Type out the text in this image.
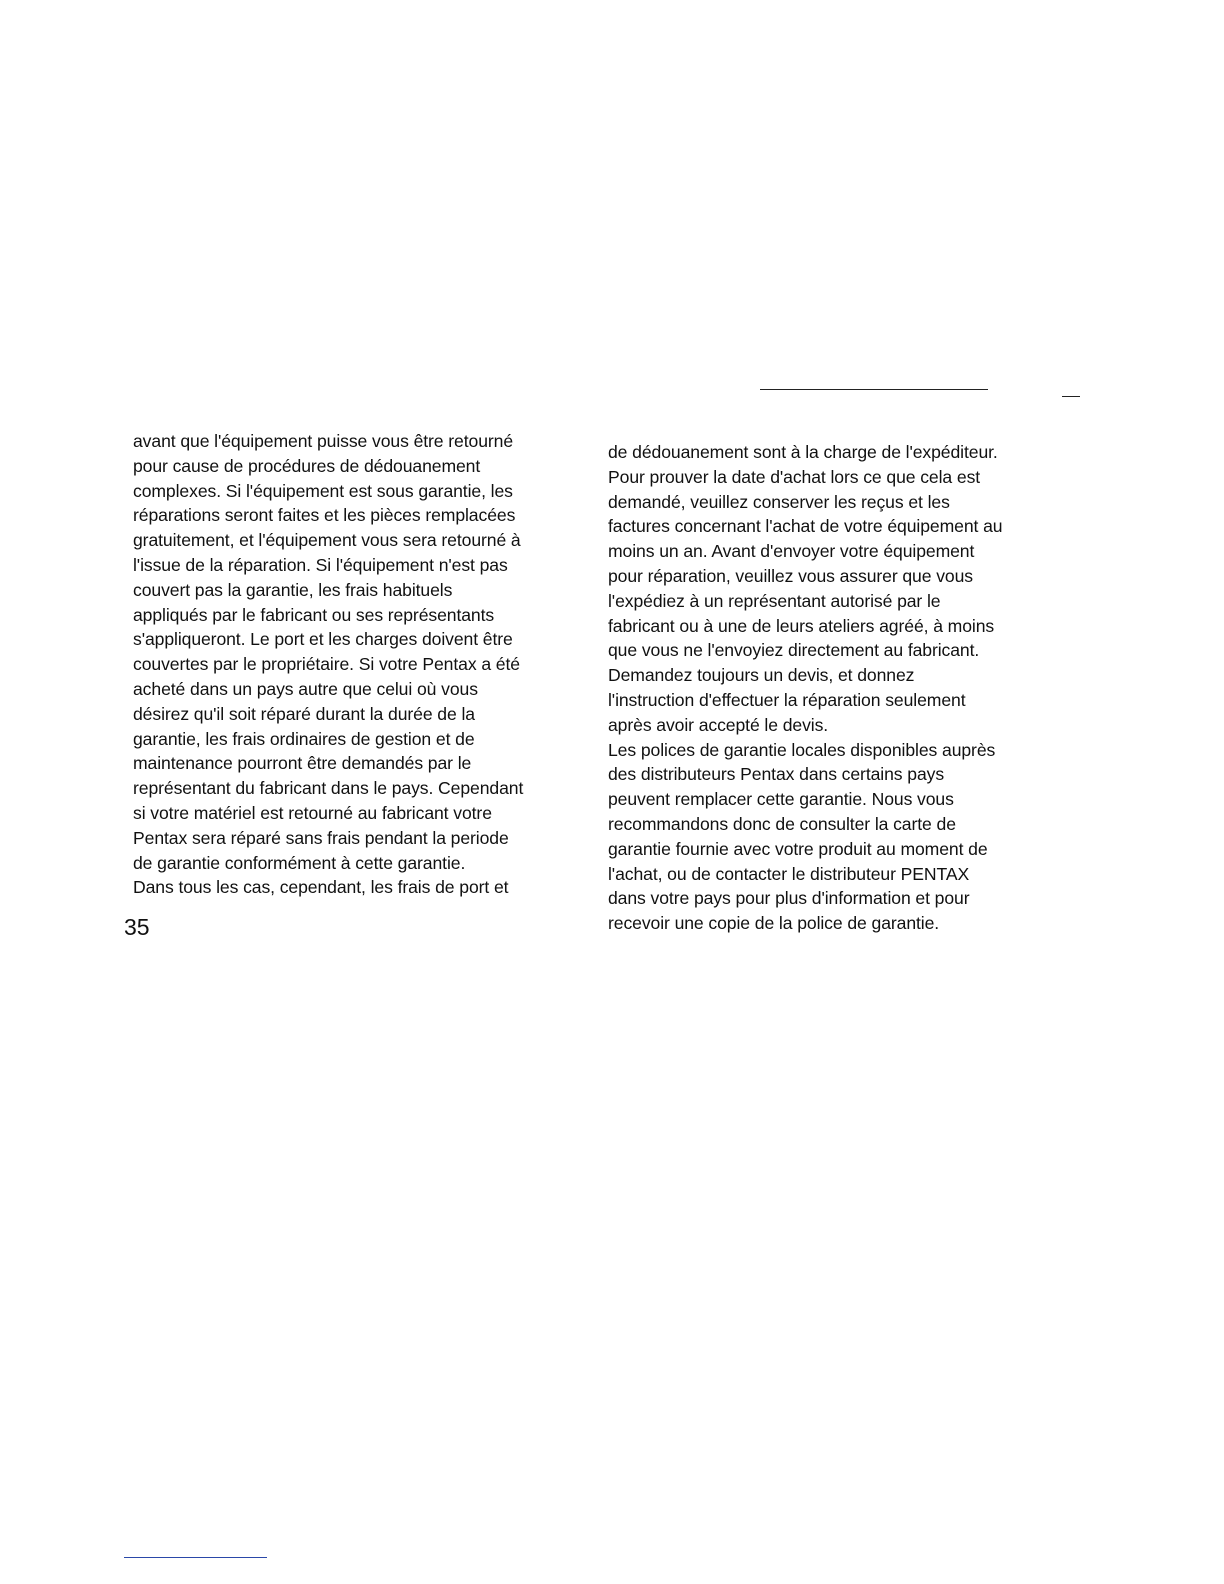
avant que l'équipement puisse vous être retourné
pour cause de procédures de dédouanement
complexes. Si l'équipement est sous garantie, les
réparations seront faites et les pièces remplacées
gratuitement, et l'équipement vous sera retourné à
l'issue de la réparation. Si l'équipement n'est pas
couvert pas la garantie, les frais habituels
appliqués par le fabricant ou ses représentants
s'appliqueront. Le port et les charges doivent être
couvertes par le propriétaire. Si votre Pentax a été
acheté dans un pays autre que celui où vous
désirez qu'il soit réparé durant la durée de la
garantie, les frais ordinaires de gestion et de
maintenance pourront être demandés par le
représentant du fabricant dans le pays. Cependant
si votre matériel est retourné au fabricant votre
Pentax sera réparé sans frais pendant la periode
de garantie conformément à cette garantie.
Dans tous les cas, cependant, les frais de port et
35
de dédouanement sont à la charge de l'expéditeur.
Pour prouver la date d'achat lors ce que cela est
demandé, veuillez conserver les reçus et les
factures concernant l'achat de votre équipement au
moins un an. Avant d'envoyer votre équipement
pour réparation, veuillez vous assurer que vous
l'expédiez à un représentant autorisé par le
fabricant ou à une de leurs ateliers agréé, à moins
que vous ne l'envoyiez directement au fabricant.
Demandez toujours un devis, et donnez
l'instruction d'effectuer la réparation seulement
après avoir accepté le devis.
Les polices de garantie locales disponibles auprès
des distributeurs Pentax dans certains pays
peuvent remplacer cette garantie. Nous vous
recommandons donc de consulter la carte de
garantie fournie avec votre produit au moment de
l'achat, ou de contacter le distributeur PENTAX
dans votre pays pour plus d'information et pour
recevoir une copie de la police de garantie.
